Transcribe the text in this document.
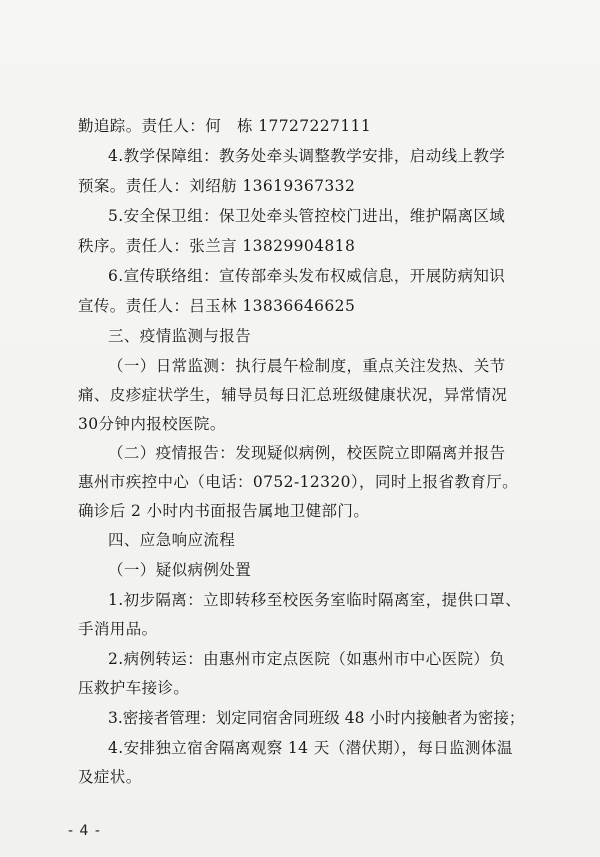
勤追踪。责任人：何　栋 17727227111
4.教学保障组：教务处牵头调整教学安排，启动线上教学
预案。责任人：刘绍舫 13619367332
5.安全保卫组：保卫处牵头管控校门进出，维护隔离区域
秩序。责任人：张兰言 13829904818
6.宣传联络组：宣传部牵头发布权威信息，开展防病知识
宣传。责任人：吕玉林 13836646625
三、疫情监测与报告
（一）日常监测：执行晨午检制度，重点关注发热、关节
痛、皮疹症状学生，辅导员每日汇总班级健康状况，异常情况
30分钟内报校医院。
（二）疫情报告：发现疑似病例，校医院立即隔离并报告
惠州市疾控中心（电话：0752-12320），同时上报省教育厅。
确诊后 2 小时内书面报告属地卫健部门。
四、应急响应流程
（一）疑似病例处置
1.初步隔离：立即转移至校医务室临时隔离室，提供口罩、
手消用品。
2.病例转运：由惠州市定点医院（如惠州市中心医院）负
压救护车接诊。
3.密接者管理：划定同宿舍同班级 48 小时内接触者为密接；
4.安排独立宿舍隔离观察 14 天（潜伏期），每日监测体温
及症状。
- 4 -
